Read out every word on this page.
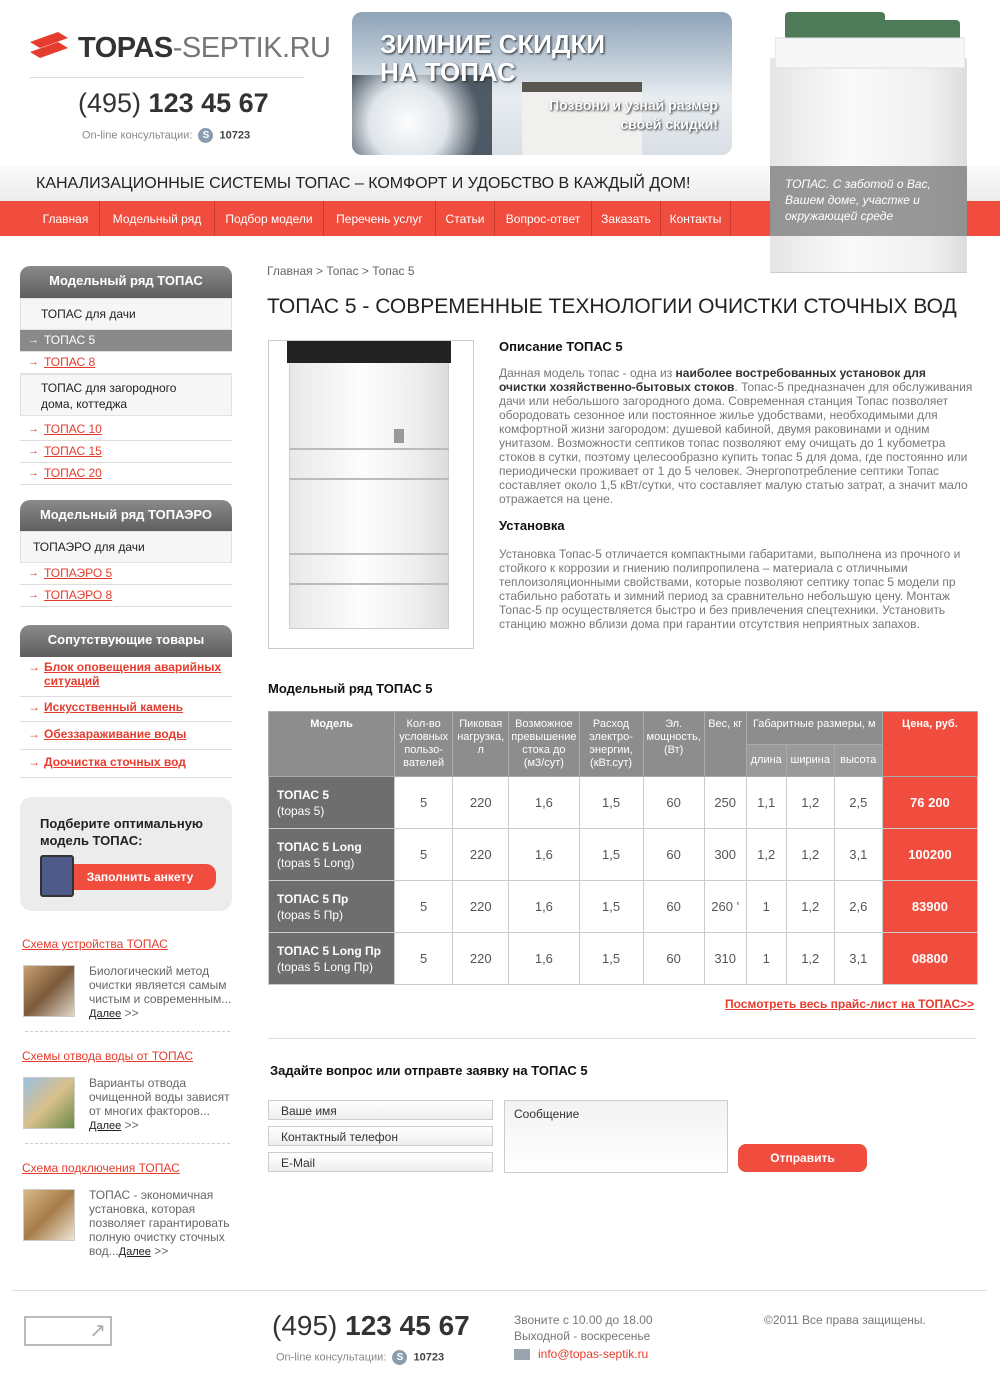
TOPAS-SEPTIK.RU
(495) 123 45 67
On-line консультации: S 10723
ЗИМНИЕ СКИДКИ
НА ТОПАС
Позвони и узнай размер
своей скидки!
КАНАЛИЗАЦИОННЫЕ СИСТЕМЫ ТОПАС – КОМФОРТ И УДОБСТВО В КАЖДЫЙ ДОМ!
Главная	Модельный ряд	Подбор модели	Перечень услуг	Статьи	Вопрос-ответ	Заказать	Контакты
ТОПАС. С заботой о Вас, Вашем доме, участке и окружающей среде
Модельный ряд ТОПАС
ТОПАС для дачи
→ ТОПАС 5
→ ТОПАС 8
ТОПАС для загородного дома, коттеджа
→ ТОПАС 10
→ ТОПАС 15
→ ТОПАС 20
Модельный ряд ТОПАЭРО
ТОПАЭРО для дачи
→ ТОПАЭРО 5
→ ТОПАЭРО 8
Сопутствующие товары
→ Блок оповещения аварийных ситуаций
→ Искусственный камень
→ Обеззараживание воды
→ Доочистка сточных вод
Подберите оптимальную модель ТОПАС:
Заполнить анкету
Схема устройства ТОПАС
Биологический метод очистки является самым чистым и современным...
Далее >>
Схемы отвода воды от ТОПАС
Варианты отвода очищенной воды зависят от многих факторов...
Далее >>
Схема подключения ТОПАС
ТОПАС - экономичная установка, которая позволяет гарантировать полную очистку сточных вод...Далее >>
Главная > Топас > Топас 5
ТОПАС 5 - СОВРЕМЕННЫЕ ТЕХНОЛОГИИ ОЧИСТКИ СТОЧНЫХ ВОД
Описание ТОПАС 5
Данная модель топас - одна из наиболее востребованных установок для очистки хозяйственно-бытовых стоков. Топас-5 предназначен для обслуживания дачи или небольшого загородного дома. Современная станция Топас позволяет обородовать сезонное или постоянное жилье удобствами, необходимыми для комфортной жизни загородом: душевой кабиной, двумя раковинами и одним унитазом. Возможности септиков топас позволяют ему очищать до 1 кубометра стоков в сутки, поэтому целесообразно купить топас 5 для дома, где постоянно или периодически проживает от 1 до 5 человек. Энергопотребление септики Топас составляет около 1,5 кВт/сутки, что составляет малую статью затрат, а значит мало отражается на цене.
Установка
Установка Топас-5 отличается компактными габаритами, выполнена из прочного и стойкого к коррозии и гниению полипропилена – материала с отличными теплоизоляционными свойствами, которые позволяют септику топас 5 модели пр стабильно работать и зимний период за сравнительно небольшую цену. Монтаж Топас-5 пр осуществляется быстро и без привлечения спецтехники. Установить станцию можно вблизи дома при гарантии отсутствия неприятных запахов.
Модельный ряд ТОПАС 5
Модель	Кол-во условных пользо-вателей	Пиковая нагрузка, л	Возможное превышение стока до (м3/сут)	Расход электро-энергии, (кВт.сут)	Эл. мощность, (Вт)	Вес, кг	Габаритные размеры, м			Цена, руб.
							длина	ширина	высота	
ТОПАС 5
(topas 5)	5	220	1,6	1,5	60	250	1,1	1,2	2,5	76 200
ТОПАС 5 Long
(topas 5 Long)	5	220	1,6	1,5	60	300	1,2	1,2	3,1	100200
ТОПАС 5 Пр
(topas 5 Пр)	5	220	1,6	1,5	60	260 '	1	1,2	2,6	83900
ТОПАС 5 Long Пр
(topas 5 Long Пр)	5	220	1,6	1,5	60	310	1	1,2	3,1	08800
Посмотреть весь прайс-лист на ТОПАС>>
Задайте вопрос или отправте заявку на ТОПАС 5
Ваше имя
Контактный телефон
E-Mail
Сообщение
Отправить
↗	(495) 123 45 67
On-line консультации: S 10723
Звоните с 10.00 до 18.00
Выходной - воскресенье
info@topas-septik.ru
©2011 Все права защищены.
